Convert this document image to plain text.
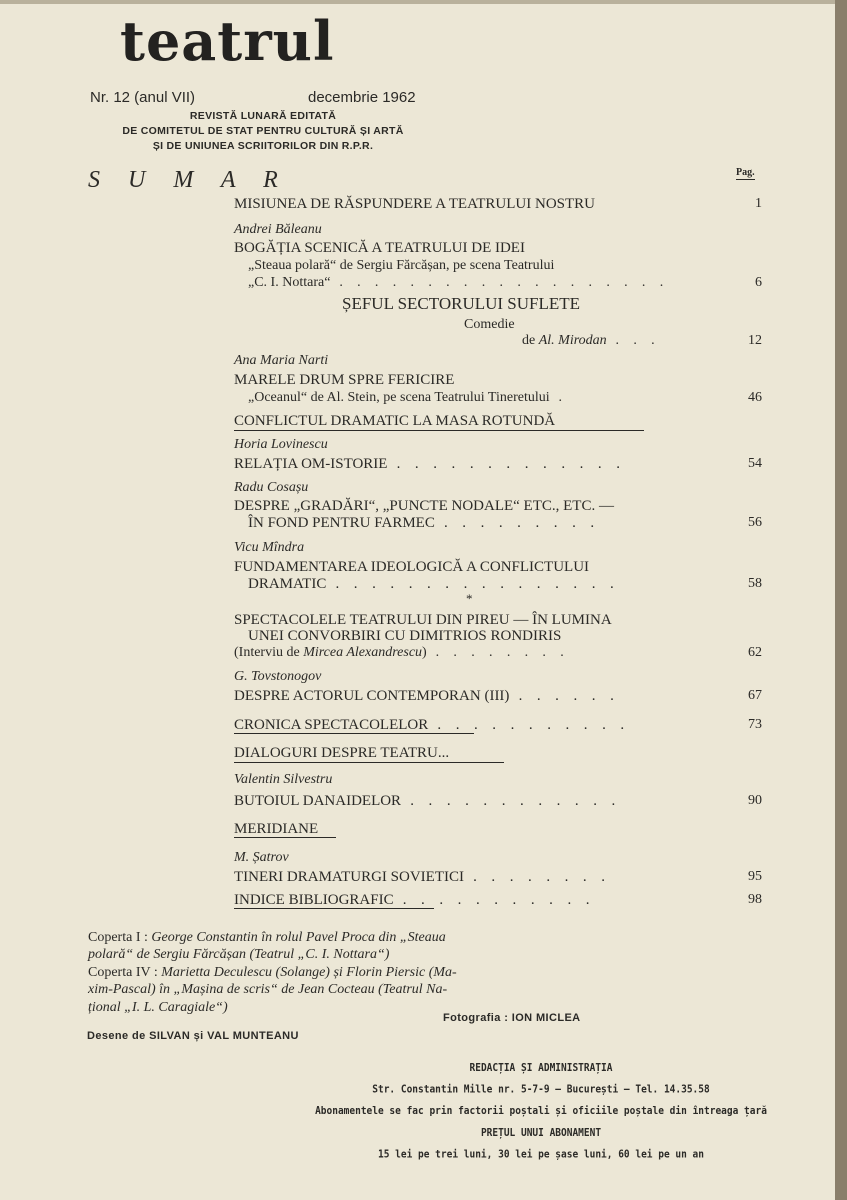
teatrul
Nr. 12 (anul VII)	decembrie 1962
REVISTĂ LUNARĂ EDITATĂ
DE COMITETUL DE STAT PENTRU CULTURĂ ȘI ARTĂ
ȘI DE UNIUNEA SCRIITORILOR DIN R.P.R.
S U M A R	Pag.
MISIUNEA DE RĂSPUNDERE A TEATRULUI NOSTRU	1
Andrei Băleanu
BOGĂȚIA SCENICĂ A TEATRULUI DE IDEI
„Steaua polară“ de Sergiu Fărcășan, pe scena Teatrului
„C. I. Nottara“ . . . . . . . . . . . . . . . . . . .	6
ȘEFUL SECTORULUI SUFLETE
Comedie
de Al. Mirodan . . .	12
Ana Maria Narti
MARELE DRUM SPRE FERICIRE
„Oceanul“ de Al. Stein, pe scena Teatrului Tineretului .	46
CONFLICTUL DRAMATIC LA MASA ROTUNDĂ
Horia Lovinescu
RELAȚIA OM-ISTORIE . . . . . . . . . . . . .	54
Radu Cosașu
DESPRE „GRADĂRI“, „PUNCTE NODALE“ ETC., ETC. —
ÎN FOND PENTRU FARMEC . . . . . . . . .	56
Vicu Mîndra
FUNDAMENTAREA IDEOLOGICĂ A CONFLICTULUI
DRAMATIC . . . . . . . . . . . . . . . .	58
*
SPECTACOLELE TEATRULUI DIN PIREU — ÎN LUMINA
UNEI CONVORBIRI CU DIMITRIOS RONDIRIS
(Interviu de Mircea Alexandrescu) . . . . . . . .	62
G. Tovstonogov
DESPRE ACTORUL CONTEMPORAN (III) . . . . . .	67
CRONICA SPECTACOLELOR . . . . . . . . . . .	73
DIALOGURI DESPRE TEATRU...
Valentin Silvestru
BUTOIUL DANAIDELOR . . . . . . . . . . . .	90
MERIDIANE
M. Șatrov
TINERI DRAMATURGI SOVIETICI . . . . . . . .	95
INDICE BIBLIOGRAFIC . . . . . . . . . . .	98
Coperta I : George Constantin în rolul Pavel Proca din „Steaua
polară“ de Sergiu Fărcășan (Teatrul „C. I. Nottara“)
Coperta IV : Marietta Deculescu (Solange) și Florin Piersic (Ma-
xim-Pascal) în „Mașina de scris“ de Jean Cocteau (Teatrul Na-
țional „I. L. Caragiale“)
Fotografia : ION MICLEA
Desene de SILVAN și VAL MUNTEANU
REDACȚIA ȘI ADMINISTRAȚIA
Str. Constantin Mille nr. 5-7-9 – București – Tel. 14.35.58
Abonamentele se fac prin factorii poștali și oficiile poștale din întreaga țară
PREȚUL UNUI ABONAMENT
15 lei pe trei luni, 30 lei pe șase luni, 60 lei pe un an
